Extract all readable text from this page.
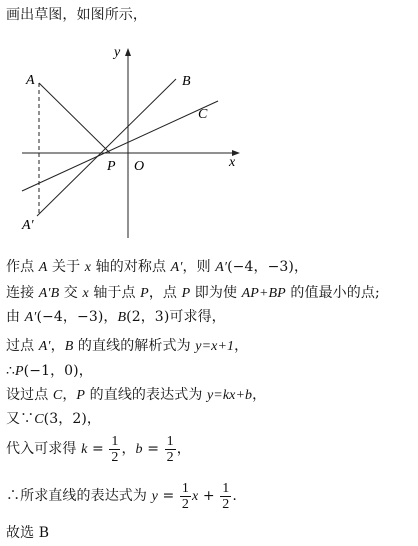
画出草图，如图所示，
y
x
O
A
A′
B
C
P
作点 A 关于 x 轴的对称点 A′，则 A′(−4，−3)，
连接 A′B 交 x 轴于点 P，点 P 即为使 AP+BP 的值最小的点;
由 A′(−4，−3)，B(2，3)可求得，
过点 A′，B 的直线的解析式为 y=x+1，
∴P(−1，0)，
设过点 C，P 的直线的表达式为 y=kx+b，
又∵C(3，2)，
代入可求得 $k = \frac{1}{2}$ ，$b = \frac{1}{2}$ ，
∴所求直线的表达式为 $y = \frac{1}{2}$ $x + \frac{1}{2}$ .
故选 B
